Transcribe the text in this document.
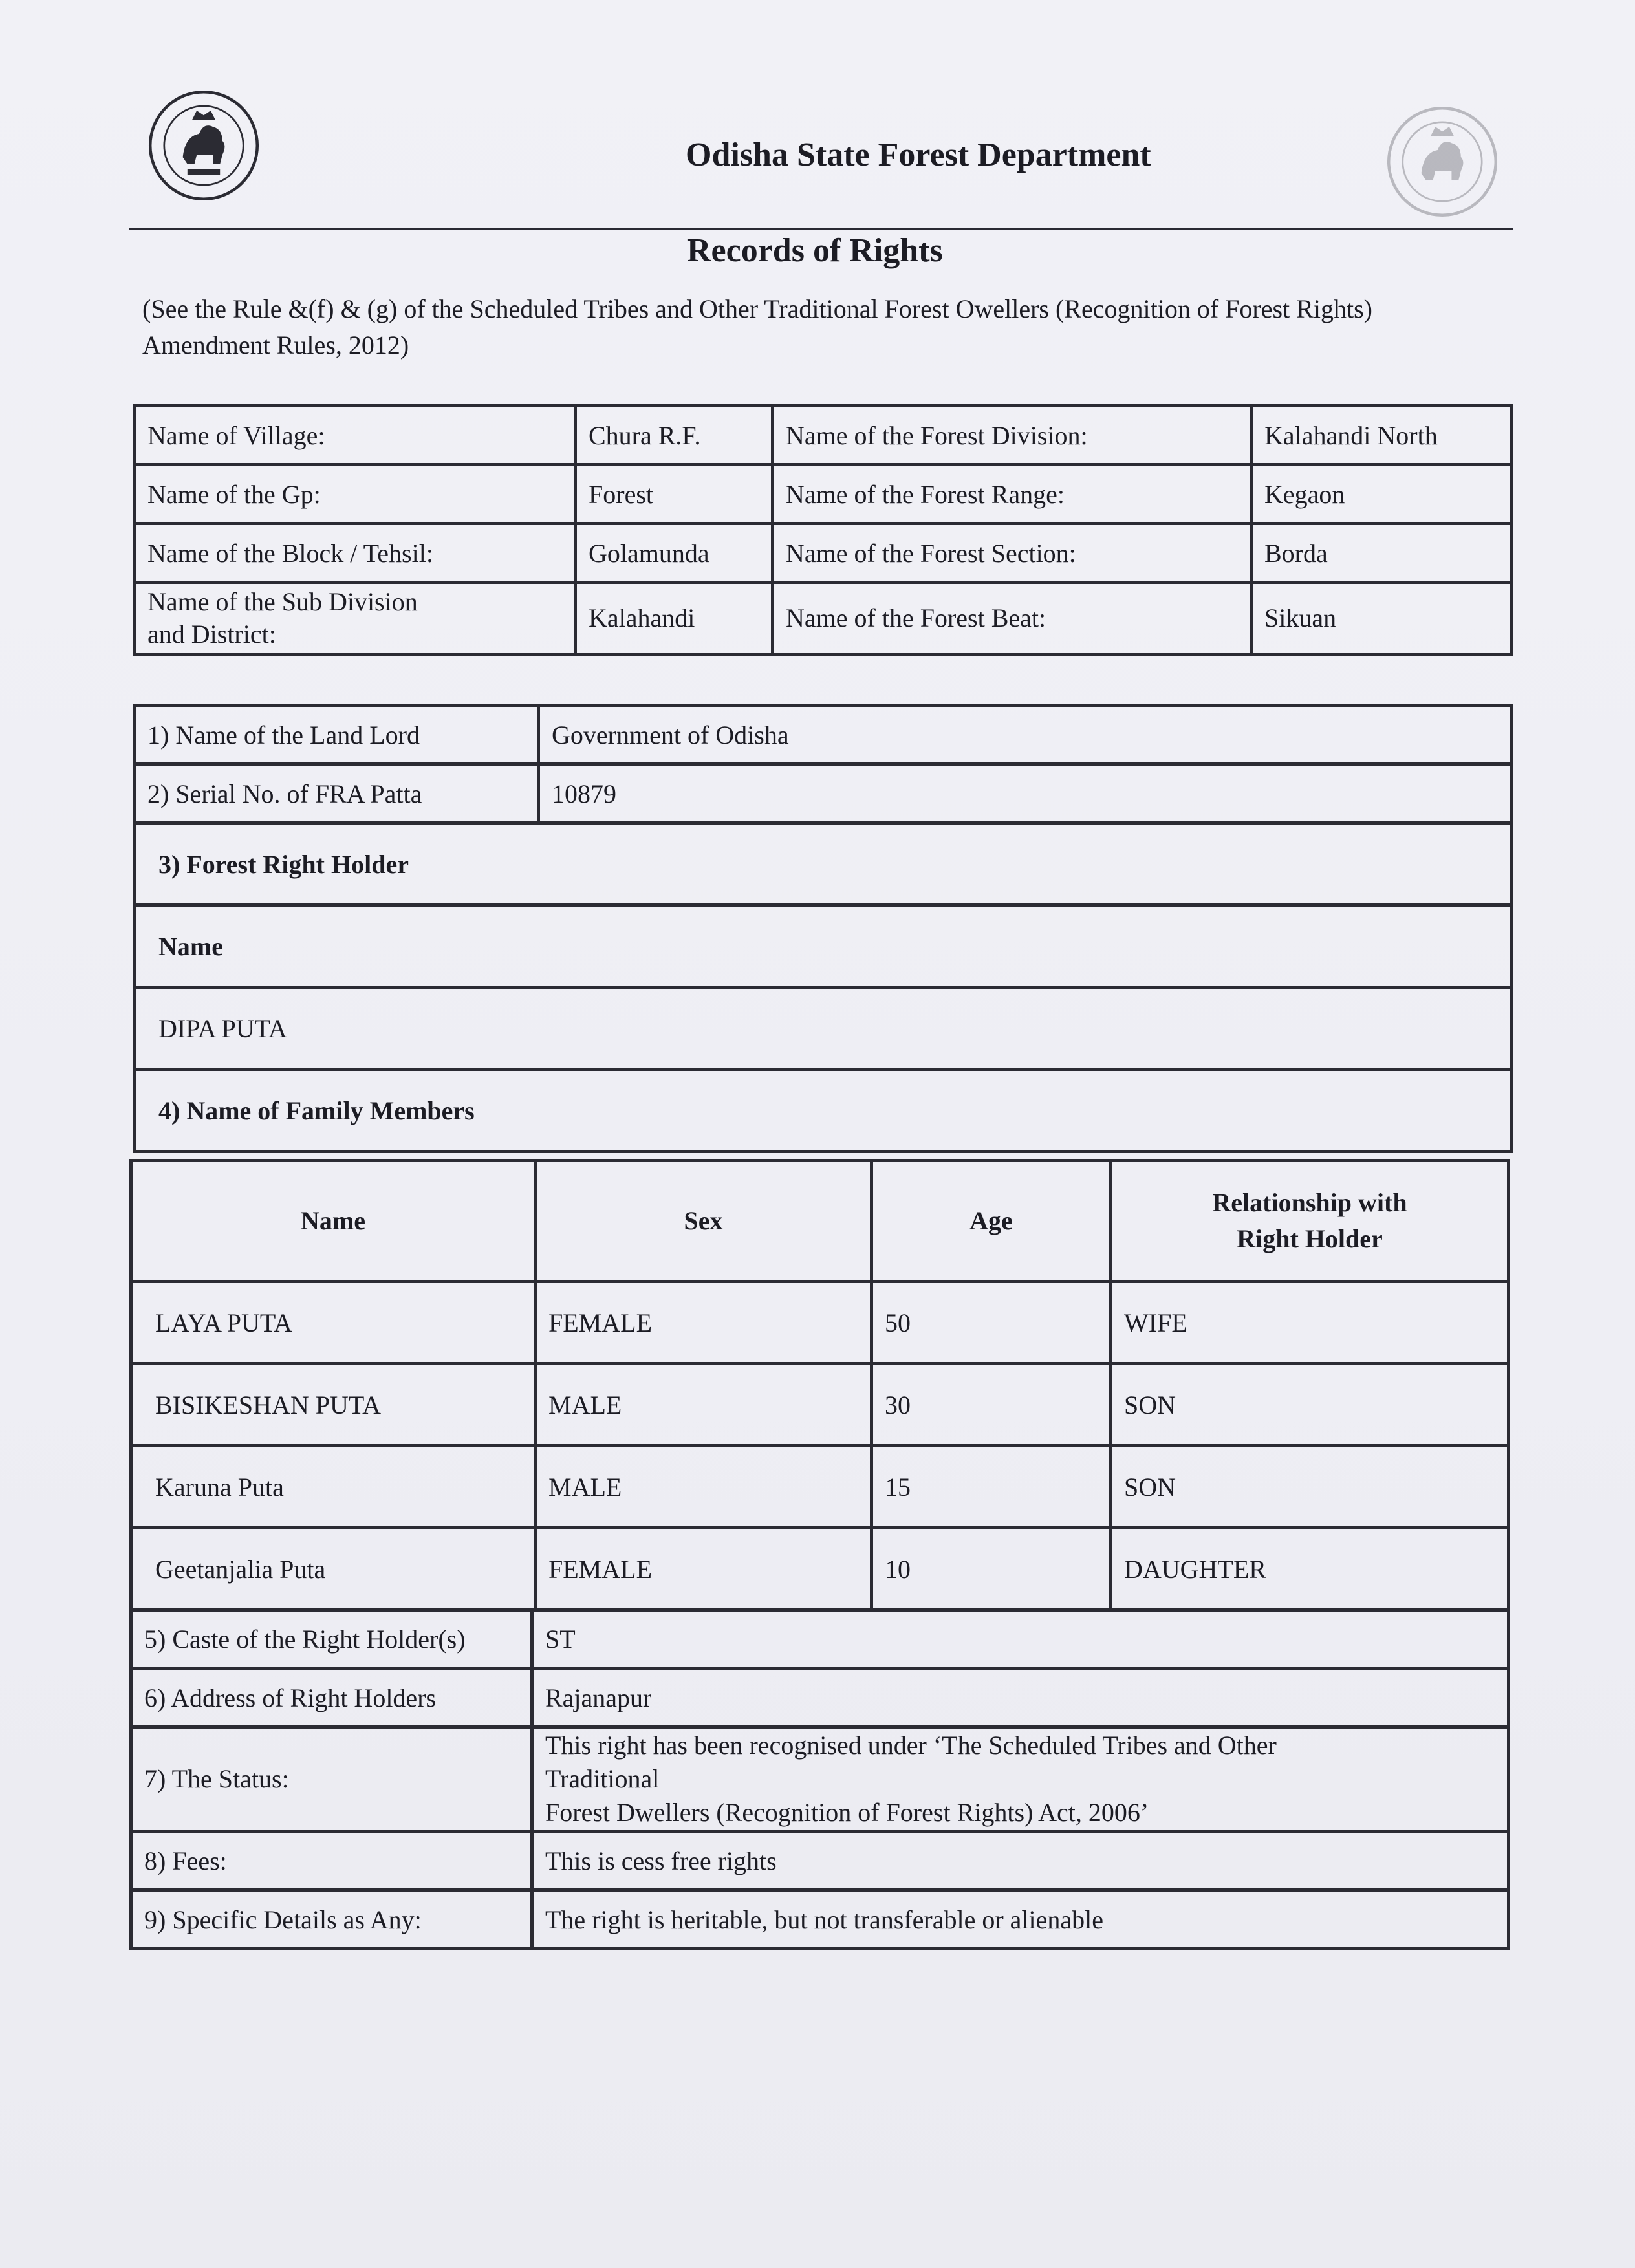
Odisha State Forest Department
Records of Rights
(See the Rule &(f) & (g) of the Scheduled Tribes and Other Traditional Forest Owellers (Recognition of Forest Rights) Amendment Rules, 2012)
Name of Village:	Chura R.F.	Name of the Forest Division:	Kalahandi North
Name of the Gp:	Forest	Name of the Forest Range:	Kegaon
Name of the Block / Tehsil:	Golamunda	Name of the Forest Section:	Borda
Name of the Sub Division
and District:	Kalahandi	Name of the Forest Beat:	Sikuan
1) Name of the Land Lord	Government of Odisha
2) Serial No. of FRA Patta	10879
3) Forest Right Holder	
Name	
DIPA PUTA	
4) Name of Family Members	
Name	Sex	Age	Relationship with
Right Holder
LAYA PUTA	FEMALE	50	WIFE
BISIKESHAN PUTA	MALE	30	SON
Karuna Puta	MALE	15	SON
Geetanjalia Puta	FEMALE	10	DAUGHTER
5) Caste of the Right Holder(s)	ST
6) Address of Right Holders	Rajanapur
7) The Status:	This right has been recognised under ‘The Scheduled Tribes and Other
Traditional
Forest Dwellers (Recognition of Forest Rights) Act, 2006’
8) Fees:	This is cess free rights
9) Specific Details as Any:	The right is heritable, but not transferable or alienable
